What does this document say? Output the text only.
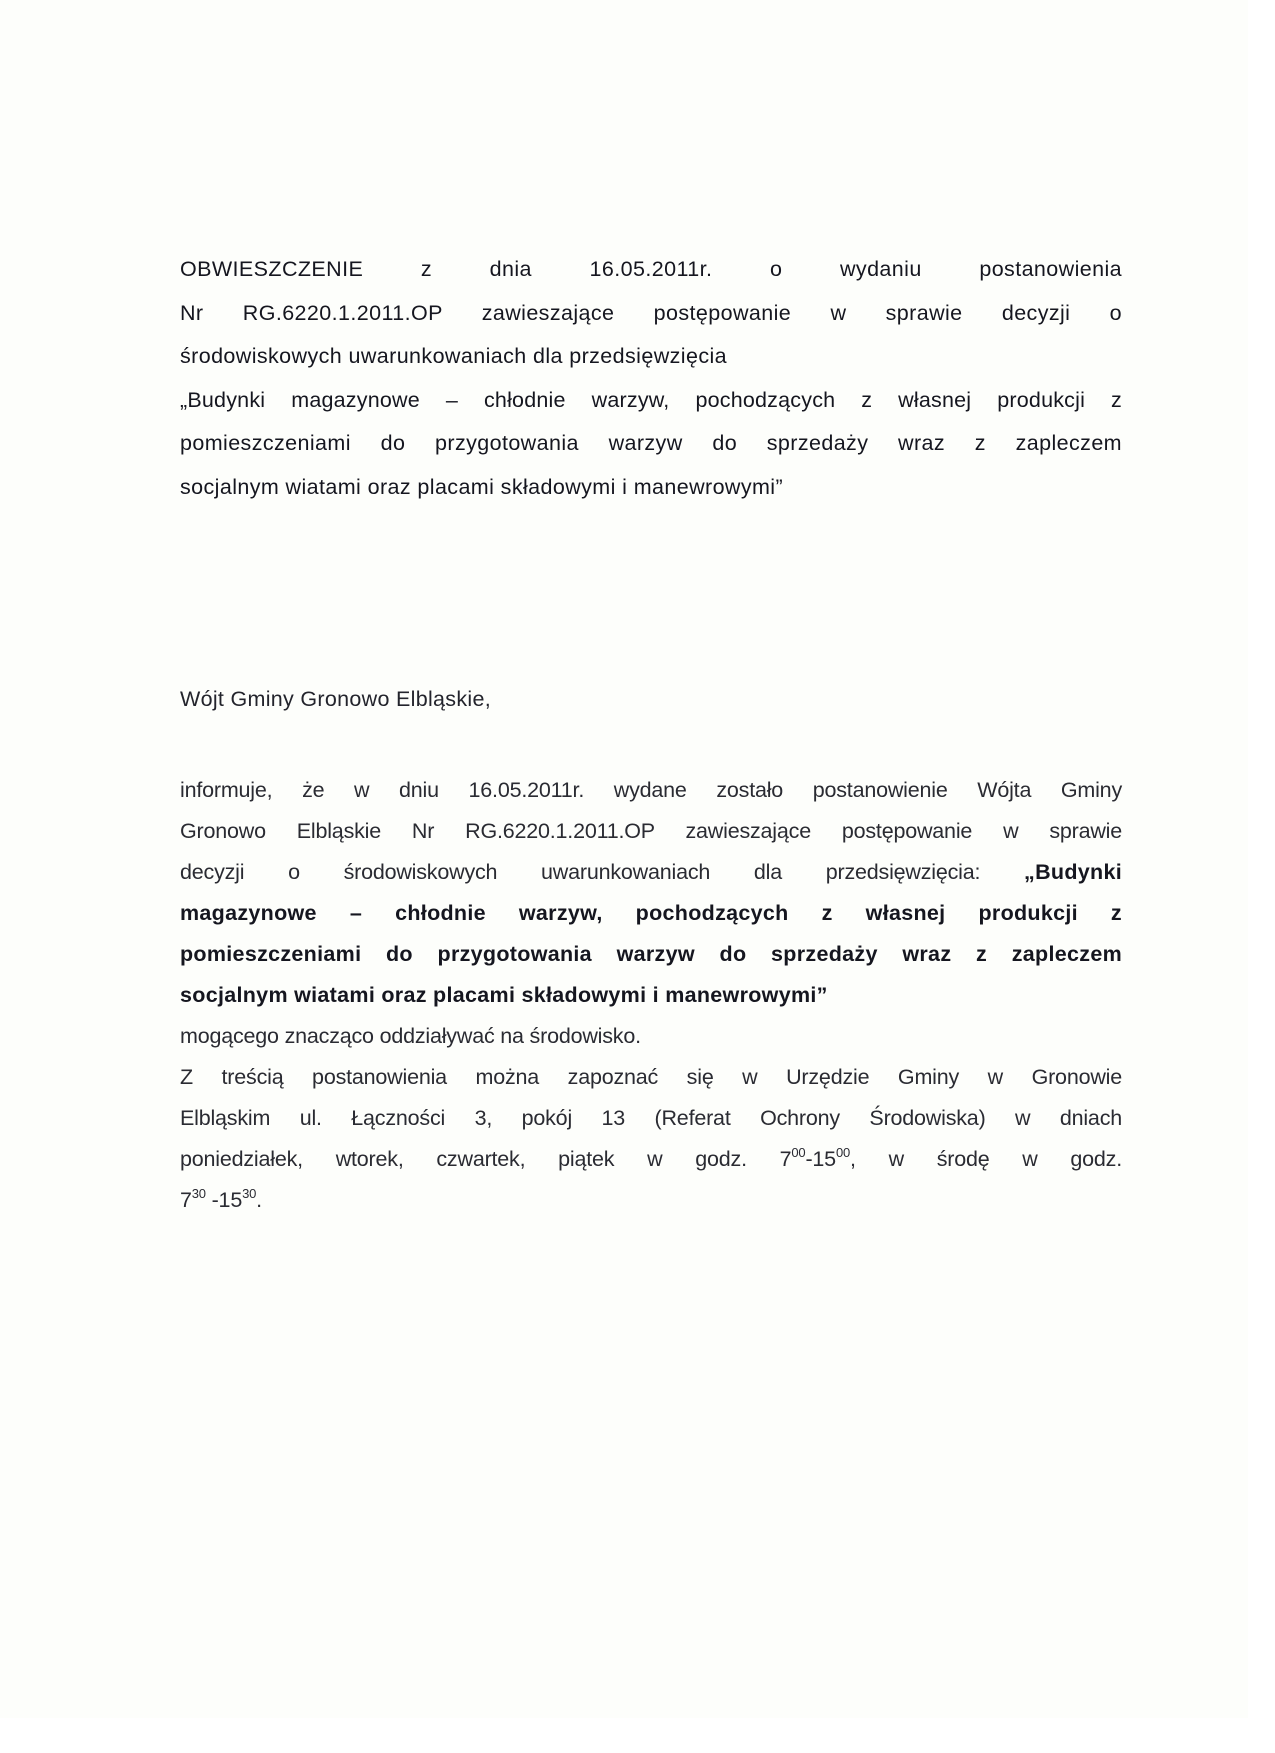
OBWIESZCZENIE z dnia 16.05.2011r. o wydaniu postanowienia
Nr RG.6220.1.2011.OP zawieszające postępowanie w sprawie decyzji o
środowiskowych uwarunkowaniach dla przedsięwzięcia
„Budynki magazynowe – chłodnie warzyw, pochodzących z własnej produkcji z
pomieszczeniami do przygotowania warzyw do sprzedaży wraz z zapleczem
socjalnym wiatami oraz placami składowymi i manewrowymi”
Wójt Gminy Gronowo Elbląskie,
informuje, że w dniu 16.05.2011r. wydane zostało postanowienie Wójta Gminy
Gronowo Elbląskie Nr RG.6220.1.2011.OP zawieszające postępowanie w sprawie
decyzji o środowiskowych uwarunkowaniach dla przedsięwzięcia: „Budynki
magazynowe – chłodnie warzyw, pochodzących z własnej produkcji z
pomieszczeniami do przygotowania warzyw do sprzedaży wraz z zapleczem
socjalnym wiatami oraz placami składowymi i manewrowymi”
mogącego znacząco oddziaływać na środowisko.
Z treścią postanowienia można zapoznać się w Urzędzie Gminy w Gronowie
Elbląskim ul. Łączności 3, pokój 13 (Referat Ochrony Środowiska) w dniach
poniedziałek, wtorek, czwartek, piątek w godz. $7^{00}-15^{00}$, w środę w godz.
$7^{30}$ $-15^{30}$.
